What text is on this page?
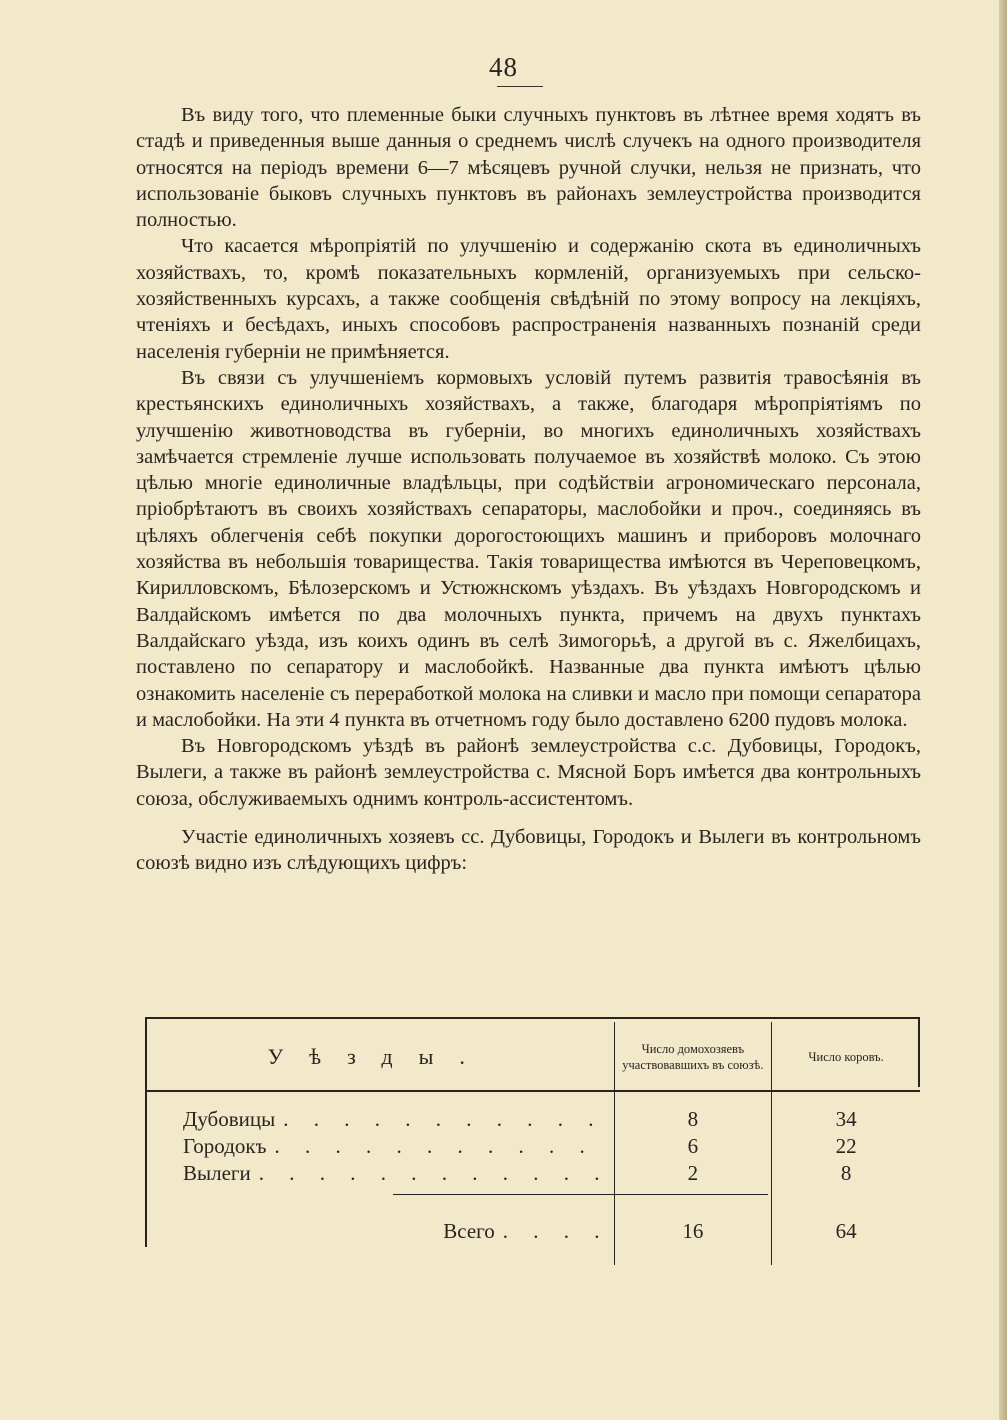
48

Въ виду того, что племенные быки случныхъ пунктовъ въ лѣтнее время ходятъ въ стадѣ и приведенныя выше данныя о среднемъ числѣ случекъ на одного производителя относятся на періодъ времени 6—7 мѣсяцевъ ручной случки, нельзя не признать, что использованіе быковъ случныхъ пунктовъ въ районахъ землеустройства производится полностью.

Что касается мѣропріятій по улучшенію и содержанію скота въ единоличныхъ хозяйствахъ, то, кромѣ показательныхъ кормленій, организуемыхъ при сельско-хозяйственныхъ курсахъ, а также сообщенія свѣдѣній по этому вопросу на лекціяхъ, чтеніяхъ и бесѣдахъ, иныхъ способовъ распространенія названныхъ познаній среди населенія губерніи не примѣняется.

Въ связи съ улучшеніемъ кормовыхъ условій путемъ развитія травосѣянія въ крестьянскихъ единоличныхъ хозяйствахъ, а также, благодаря мѣропріятіямъ по улучшенію животноводства въ губерніи, во многихъ единоличныхъ хозяйствахъ замѣчается стремленіе лучше использовать получаемое въ хозяйствѣ молоко. Съ этою цѣлью многіе единоличные владѣльцы, при содѣйствіи агрономическаго персонала, пріобрѣтаютъ въ своихъ хозяйствахъ сепараторы, маслобойки и проч., соединяясь въ цѣляхъ облегченія себѣ покупки дорогостоющихъ машинъ и приборовъ молочнаго хозяйства въ небольшія товарищества. Такія товарищества имѣются въ Череповецкомъ, Кирилловскомъ, Бѣлозерскомъ и Устюжнскомъ уѣздахъ. Въ уѣздахъ Новгородскомъ и Валдайскомъ имѣется по два молочныхъ пункта, причемъ на двухъ пунктахъ Валдайскаго уѣзда, изъ коихъ одинъ въ селѣ Зимогорьѣ, а другой въ с. Яжелбицахъ, поставлено по сепаратору и маслобойкѣ. Названные два пункта имѣютъ цѣлью ознакомить населеніе съ переработкой молока на сливки и масло при помощи сепаратора и маслобойки. На эти 4 пункта въ отчетномъ году было доставлено 6200 пудовъ молока.

Въ Новгородскомъ уѣздѣ въ районѣ землеустройства с.с. Дубовицы, Городокъ, Вылеги, а также въ районѣ землеустройства с. Мясной Боръ имѣется два контрольныхъ союза, обслуживаемыхъ однимъ контроль-ассистентомъ.

Участіе единоличныхъ хозяевъ сс. Дубовицы, Городокъ и Вылеги въ контрольномъ союзѣ видно изъ слѣдующихъ цифръ:

Уѣзды.	Число домохозяевъ участвовавшихъ въ союзѣ.	Число коровъ.
Дубовицы . . . . . . . . . . .	8	34
Городокъ . . . . . . . . . . .	6	22
Вылеги . . . . . . . . . . . .	2	8
Всего . . . .	16	64
